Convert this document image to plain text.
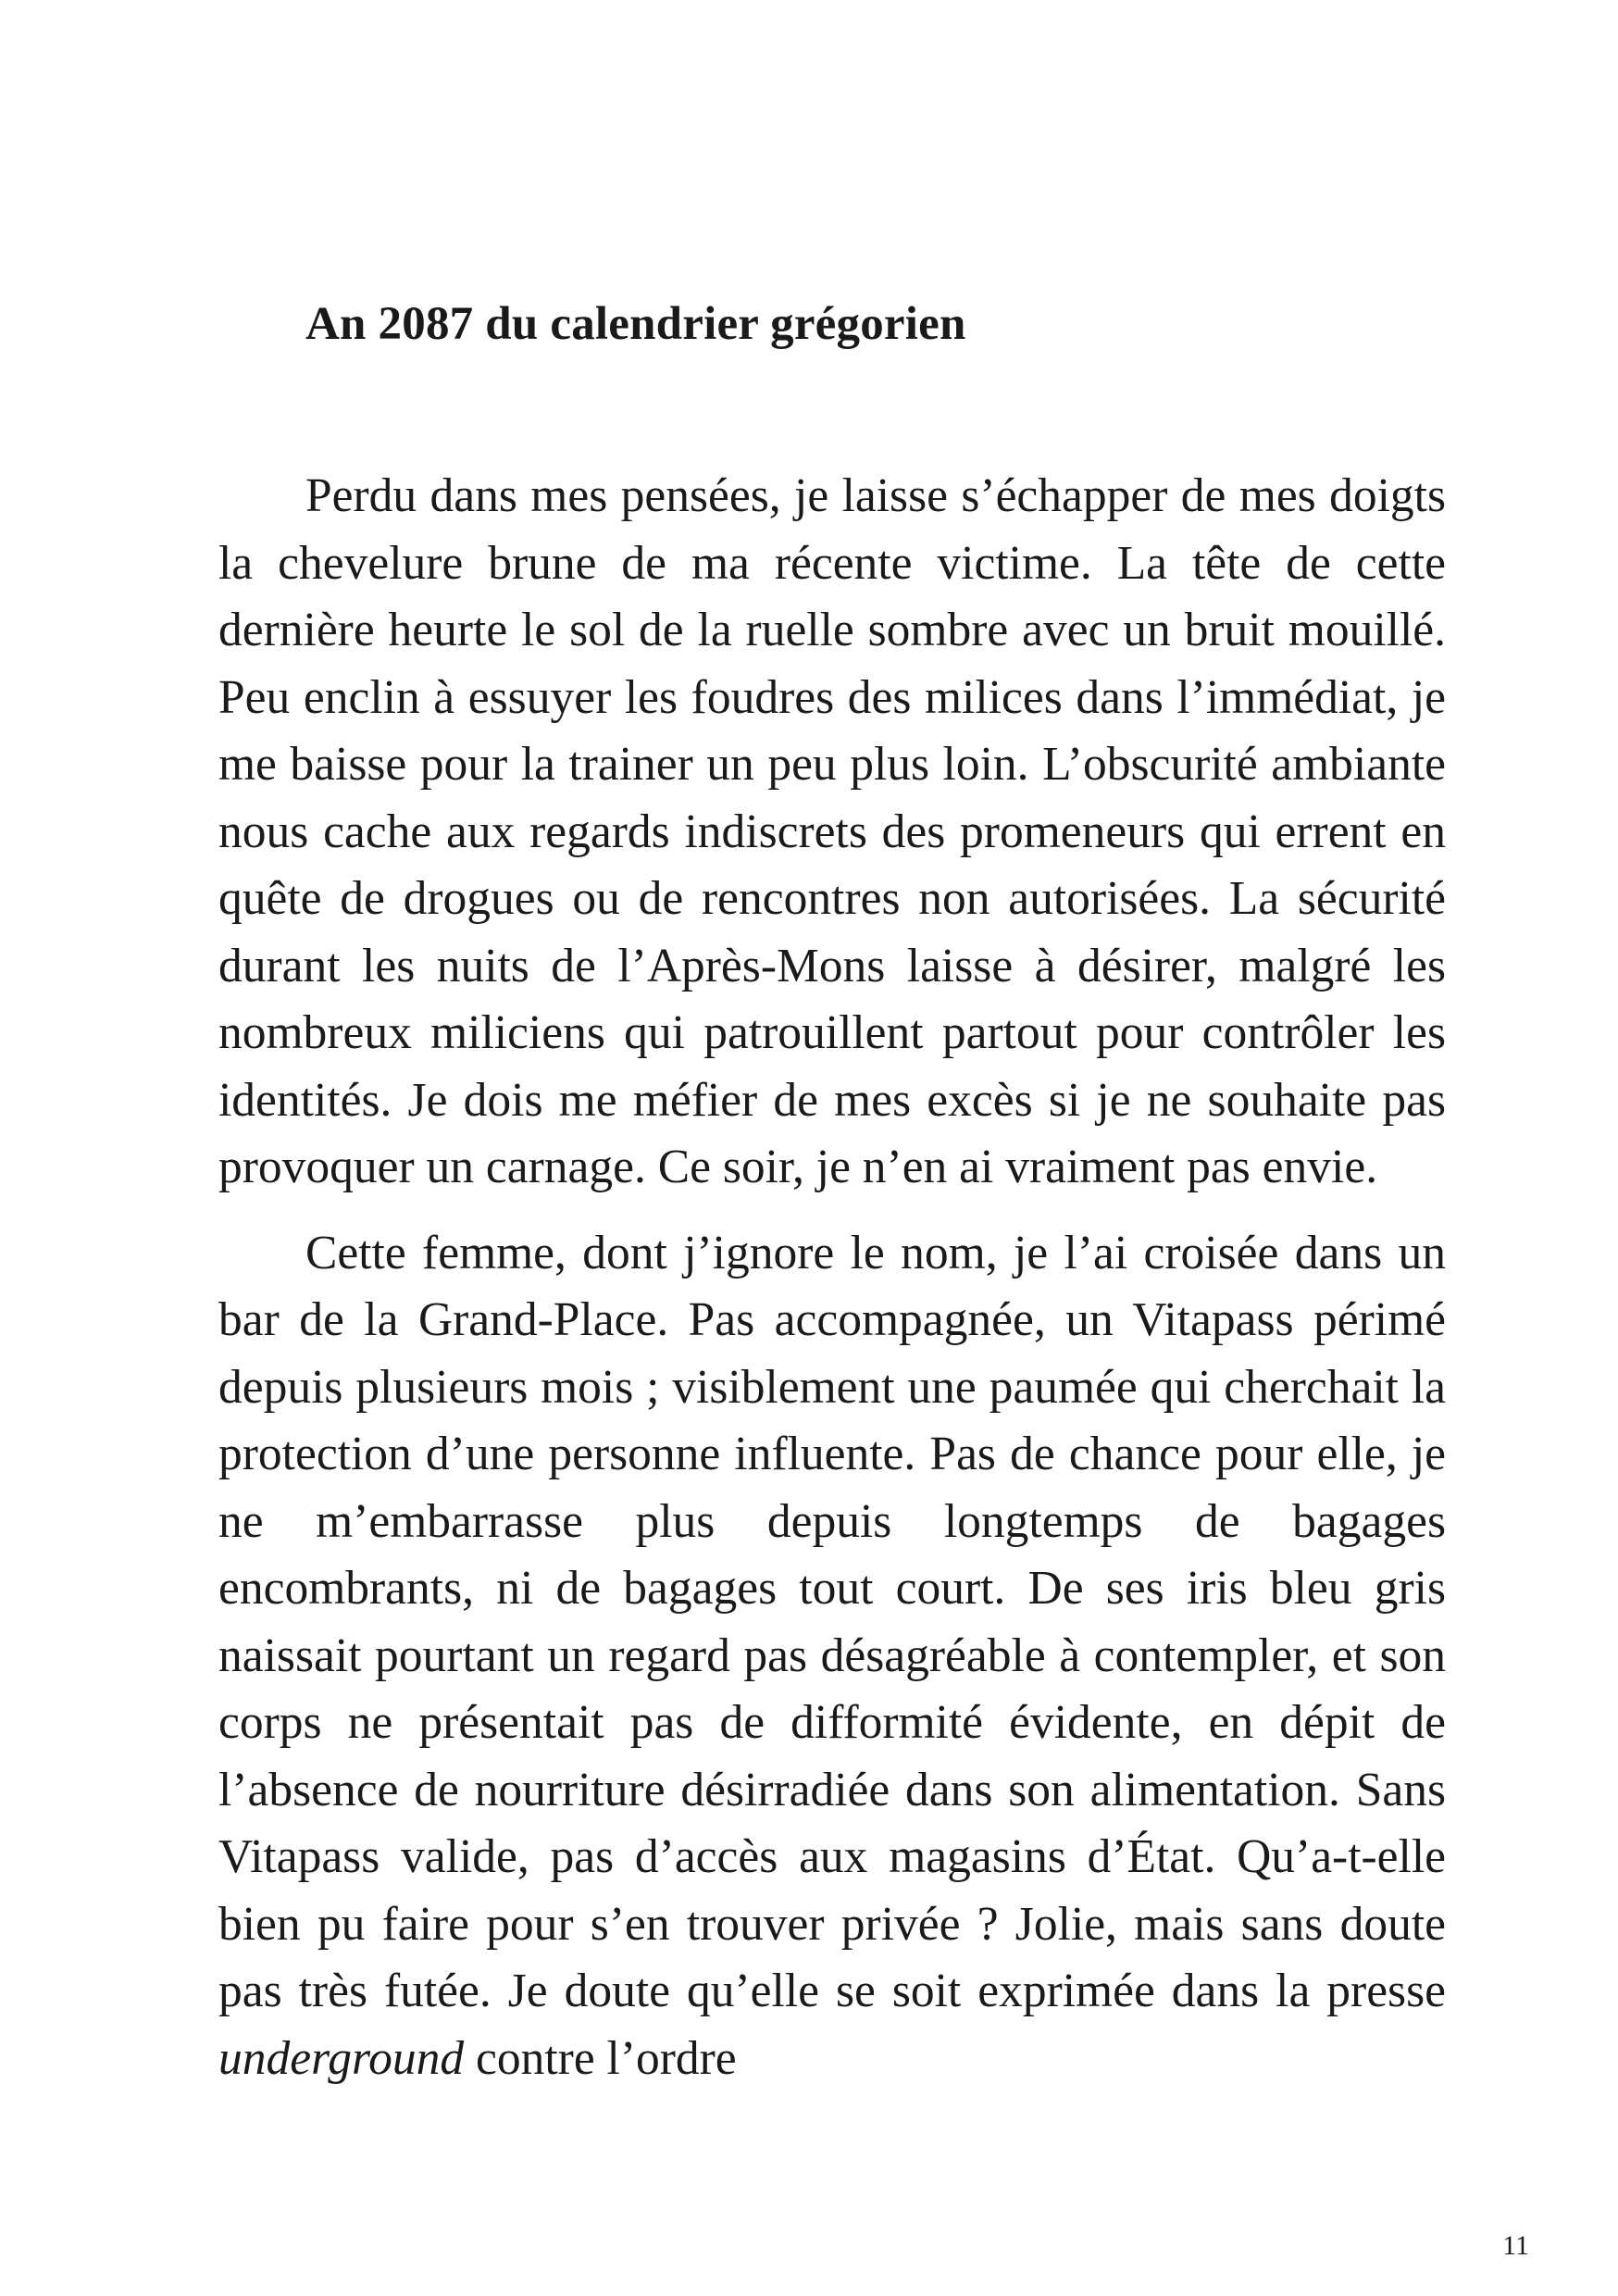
An 2087 du calendrier grégorien

Perdu dans mes pensées, je laisse s’échapper de mes doigts la chevelure brune de ma récente victime. La tête de cette dernière heurte le sol de la ruelle sombre avec un bruit mouillé. Peu enclin à essuyer les foudres des milices dans l’immédiat, je me baisse pour la trainer un peu plus loin. L’obscurité ambiante nous cache aux regards indiscrets des promeneurs qui errent en quête de drogues ou de rencontres non autorisées. La sécurité durant les nuits de l’Après-Mons laisse à désirer, malgré les nombreux miliciens qui patrouillent partout pour contrôler les identités. Je dois me méfier de mes excès si je ne souhaite pas provoquer un carnage. Ce soir, je n’en ai vraiment pas envie.

Cette femme, dont j’ignore le nom, je l’ai croisée dans un bar de la Grand-Place. Pas accompagnée, un Vitapass périmé depuis plusieurs mois ; visiblement une paumée qui cherchait la protection d’une personne influente. Pas de chance pour elle, je ne m’embarrasse plus depuis longtemps de bagages encombrants, ni de bagages tout court. De ses iris bleu gris naissait pourtant un regard pas désagréable à contempler, et son corps ne présentait pas de difformité évidente, en dépit de l’absence de nourriture désirradiée dans son alimentation. Sans Vitapass valide, pas d’accès aux magasins d’État. Qu’a-t-elle bien pu faire pour s’en trouver privée ? Jolie, mais sans doute pas très futée. Je doute qu’elle se soit exprimée dans la presse underground contre l’ordre

11
